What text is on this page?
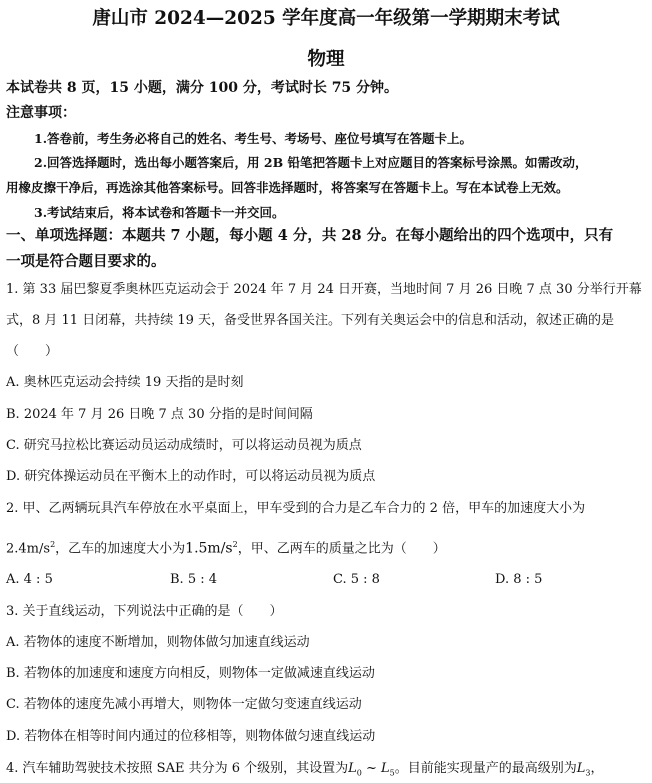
唐山市 2024—2025 学年度高一年级第一学期期末考试
物理
本试卷共 8 页，15 小题，满分 100 分，考试时长 75 分钟。
注意事项：
1.答卷前，考生务必将自己的姓名、考生号、考场号、座位号填写在答题卡上。
2.回答选择题时，选出每小题答案后，用 2B 铅笔把答题卡上对应题目的答案标号涂黑。如需改动，
用橡皮擦干净后，再选涂其他答案标号。回答非选择题时，将答案写在答题卡上。写在本试卷上无效。
3.考试结束后，将本试卷和答题卡一并交回。
一、单项选择题：本题共 7 小题，每小题 4 分，共 28 分。在每小题给出的四个选项中，只有
一项是符合题目要求的。
1. 第 33 届巴黎夏季奥林匹克运动会于 2024 年 7 月 24 日开赛，当地时间 7 月 26 日晚 7 点 30 分举行开幕
式，8 月 11 日闭幕，共持续 19 天，备受世界各国关注。下列有关奥运会中的信息和活动，叙述正确的是
（　　）
A. 奥林匹克运动会持续 19 天指的是时刻
B. 2024 年 7 月 26 日晚 7 点 30 分指的是时间间隔
C. 研究马拉松比赛运动员运动成绩时，可以将运动员视为质点
D. 研究体操运动员在平衡木上的动作时，可以将运动员视为质点
2. 甲、乙两辆玩具汽车停放在水平桌面上，甲车受到的合力是乙车合力的 2 倍，甲车的加速度大小为
$2.4m/s^2$，乙车的加速度大小为$1.5m/s^2$，甲、乙两车的质量之比为（　　）
A. 4 : 5	B. 5 : 4	C. 5 : 8	D. 8 : 5
3. 关于直线运动，下列说法中正确的是（　　）
A. 若物体的速度不断增加，则物体做匀加速直线运动
B. 若物体的加速度和速度方向相反，则物体一定做减速直线运动
C. 若物体的速度先减小再增大，则物体一定做匀变速直线运动
D. 若物体在相等时间内通过的位移相等，则物体做匀速直线运动
4. 汽车辅助驾驶技术按照 SAE 共分为 6 个级别，其设置为$L_0$ ~ $L_5$。目前能实现量产的最高级别为$L_3$，
